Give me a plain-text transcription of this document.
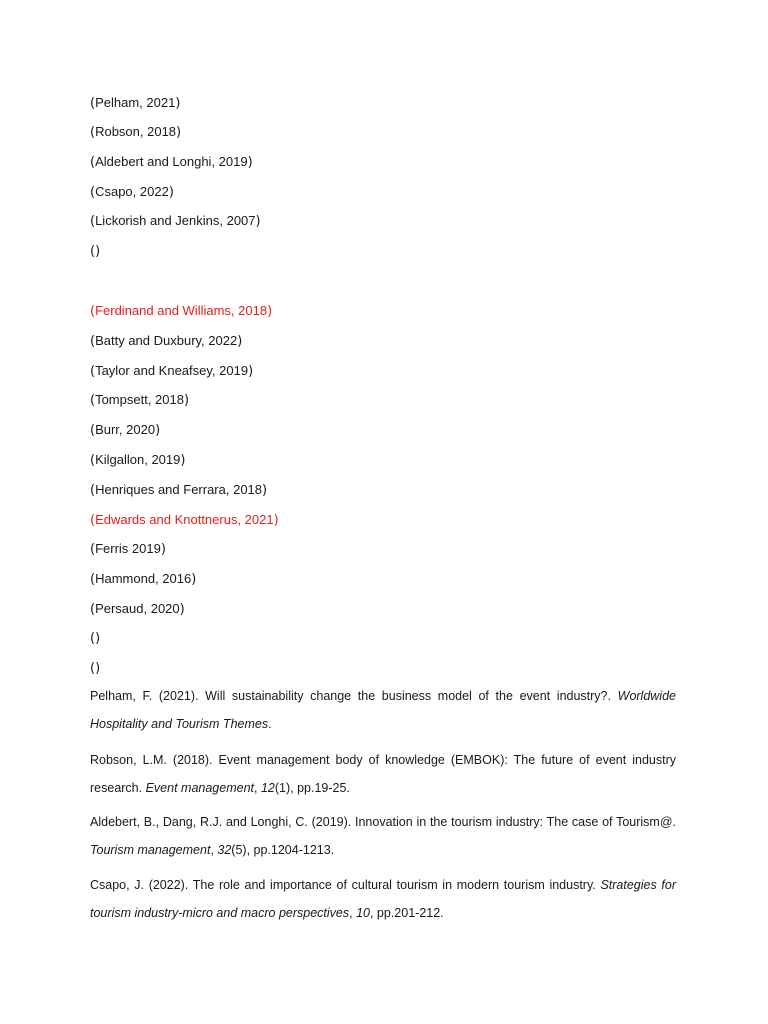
(Pelham, 2021)
(Robson, 2018)
(Aldebert and Longhi, 2019)
(Csapo, 2022)
(Lickorish and Jenkins, 2007)
()
(Ferdinand and Williams, 2018)
(Batty and Duxbury, 2022)
(Taylor and Kneafsey, 2019)
(Tompsett, 2018)
(Burr, 2020)
(Kilgallon, 2019)
(Henriques and Ferrara, 2018)
(Edwards and Knottnerus, 2021)
(Ferris 2019)
(Hammond, 2016)
(Persaud, 2020)
()
()
Pelham, F. (2021). Will sustainability change the business model of the event industry?. Worldwide Hospitality and Tourism Themes.
Robson, L.M. (2018). Event management body of knowledge (EMBOK): The future of event industry research. Event management, 12(1), pp.19-25.
Aldebert, B., Dang, R.J. and Longhi, C. (2019). Innovation in the tourism industry: The case of Tourism@. Tourism management, 32(5), pp.1204-1213.
Csapo, J. (2022). The role and importance of cultural tourism in modern tourism industry. Strategies for tourism industry-micro and macro perspectives, 10, pp.201-212.
